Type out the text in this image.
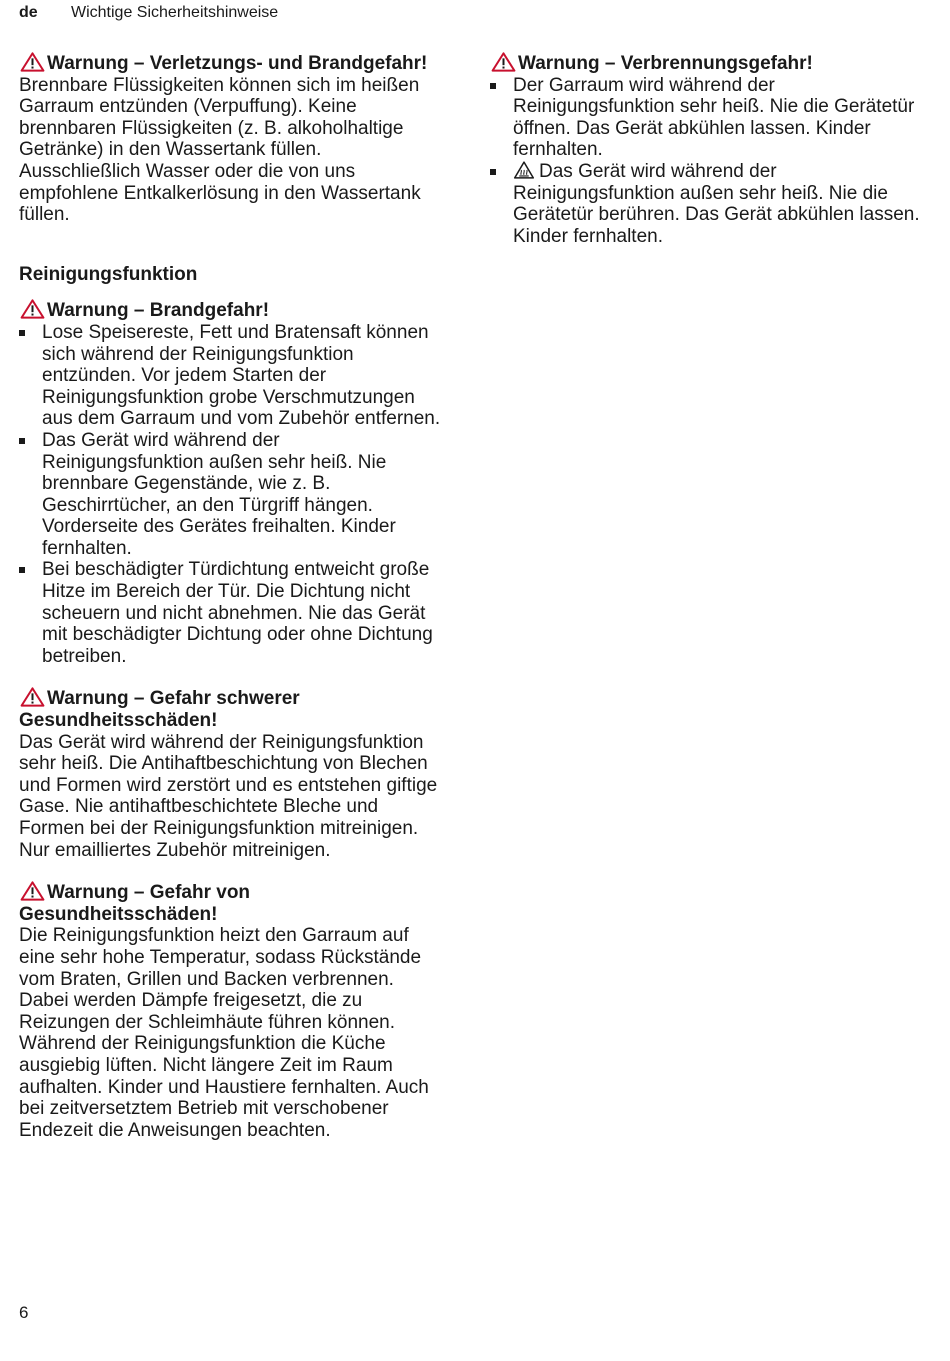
de	Wichtige Sicherheitshinweise
Warnung – Verletzungs- und Brandgefahr!

Brennbare Flüssigkeiten können sich im heißen Garraum entzünden (Verpuffung). Keine brennbaren Flüssigkeiten (z. B. alkoholhaltige Getränke) in den Wassertank füllen. Ausschließlich Wasser oder die von uns empfohlene Entkalkerlösung in den Wassertank füllen.

Reinigungsfunktion
Warnung – Brandgefahr!
Lose Speisereste, Fett und Bratensaft können sich während der Reinigungsfunktion entzünden. Vor jedem Starten der Reinigungsfunktion grobe Verschmutzungen aus dem Garraum und vom Zubehör entfernen.
Das Gerät wird während der Reinigungsfunktion außen sehr heiß. Nie brennbare Gegenstände, wie z. B. Geschirrtücher, an den Türgriff hängen. Vorderseite des Gerätes freihalten. Kinder fernhalten.
Bei beschädigter Türdichtung entweicht große Hitze im Bereich der Tür. Die Dichtung nicht scheuern und nicht abnehmen. Nie das Gerät mit beschädigter Dichtung oder ohne Dichtung betreiben.
Warnung – Gefahr schwerer Gesundheitsschäden!

Das Gerät wird während der Reinigungsfunktion sehr heiß. Die Antihaftbeschichtung von Blechen und Formen wird zerstört und es entstehen giftige Gase. Nie antihaftbeschichtete Bleche und Formen bei der Reinigungsfunktion mitreinigen. Nur emailliertes Zubehör mitreinigen.

Warnung – Gefahr von Gesundheitsschäden!

Die Reinigungsfunktion heizt den Garraum auf eine sehr hohe Temperatur, sodass Rückstände vom Braten, Grillen und Backen verbrennen. Dabei werden Dämpfe freigesetzt, die zu Reizungen der Schleimhäute führen können. Während der Reinigungsfunktion die Küche ausgiebig lüften. Nicht längere Zeit im Raum aufhalten. Kinder und Haustiere fernhalten. Auch bei zeitversetztem Betrieb mit verschobener Endezeit die Anweisungen beachten.

Warnung – Verbrennungsgefahr!
Der Garraum wird während der Reinigungsfunktion sehr heiß. Nie die Gerätetür öffnen. Das Gerät abkühlen lassen. Kinder fernhalten.
Das Gerät wird während der Reinigungsfunktion außen sehr heiß. Nie die Gerätetür berühren. Das Gerät abkühlen lassen. Kinder fernhalten.
6
